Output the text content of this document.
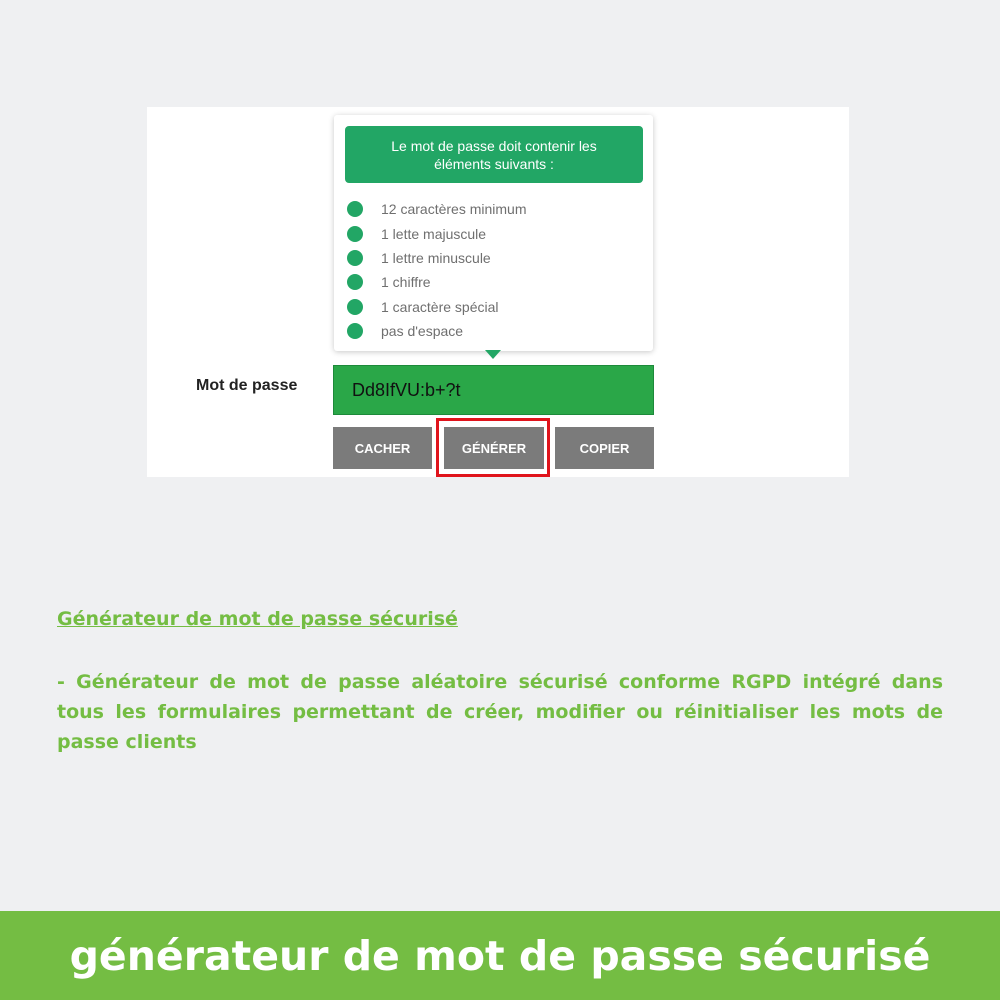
Le mot de passe doit contenir les éléments suivants :
12 caractères minimum
1 lette majuscule
1 lettre minuscule
1 chiffre
1 caractère spécial
pas d'espace
Mot de passe
Dd8IfVU:b+?t
CACHER	GÉNÉRER	COPIER
Générateur de mot de passe sécurisé

- Générateur de mot de passe aléatoire sécurisé conforme RGPD intégré dans tous les formulaires permettant de créer, modifier ou réinitialiser les mots de passe clients

générateur de mot de passe sécurisé
